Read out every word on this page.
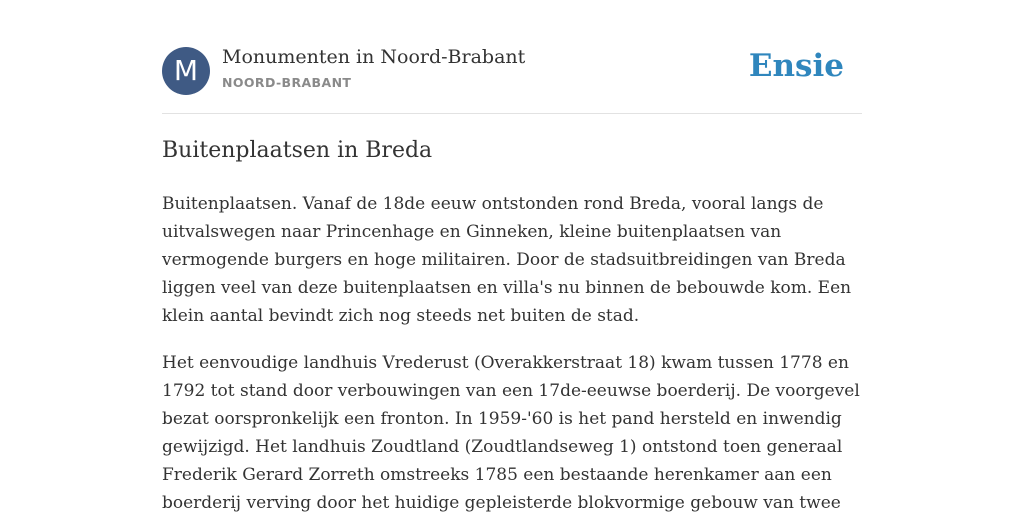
M	Monumenten in Noord-Brabant
NOORD-BRABANT	Ensie
Buitenplaatsen in Breda

Buitenplaatsen. Vanaf de 18de eeuw ontstonden rond Breda, vooral langs de uitvalswegen naar Princenhage en Ginneken, kleine buitenplaatsen van vermogende burgers en hoge militairen. Door de stadsuitbreidingen van Breda liggen veel van deze buitenplaatsen en villa's nu binnen de bebouwde kom. Een klein aantal bevindt zich nog steeds net buiten de stad.

Het eenvoudige landhuis Vrederust (Overakkerstraat 18) kwam tussen 1778 en 1792 tot stand door verbouwingen van een 17de-eeuwse boerderij. De voorgevel bezat oorspronkelijk een fronton. In 1959-'60 is het pand hersteld en inwendig gewijzigd. Het landhuis Zoudtland (Zoudtlandseweg 1) ontstond toen generaal Frederik Gerard Zorreth omstreeks 1785 een bestaande herenkamer aan een boerderij verving door het huidige gepleisterde blokvormige gebouw van twee
